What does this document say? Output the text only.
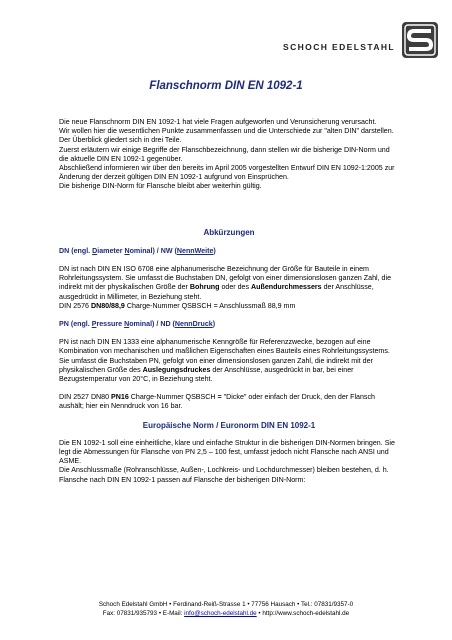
SCHOCH EDELSTAHL
Flanschnorm DIN EN 1092-1

Die neue Flanschnorm DIN EN 1092-1 hat viele Fragen aufgeworfen und Verunsicherung verursacht.

Wir wollen hier die wesentlichen Punkte zusammenfassen und die Unterschiede zur "alten DIN" darstellen.

Der Überblick gliedert sich in drei Teile.

Zuerst erläutern wir einige Begriffe der Flanschbezeichnung, dann stellen wir die bisherige DIN-Norm und die aktuelle DIN EN 1092-1 gegenüber.

Abschließend informieren wir über den bereits im April 2005 vorgestellten Entwurf DIN EN 1092-1:2005 zur Änderung der derzeit gültigen DIN EN 1092-1 aufgrund von Einsprüchen.

Die bisherige DIN-Norm für Flansche bleibt aber weiterhin gültig.

Abkürzungen

DN (engl. Diameter Nominal) / NW (NennWeite)

DN ist nach DIN EN ISO 6708 eine alphanumerische Bezeichnung der Größe für Bauteile in einem Rohrleitungssystem. Sie umfasst die Buchstaben DN, gefolgt von einer dimensionslosen ganzen Zahl, die indirekt mit der physikalischen Größe der Bohrung oder des Außendurchmessers der Anschlüsse, ausgedrückt in Millimeter, in Beziehung steht.

DIN 2576 DN80/88,9 Charge-Nummer QSBSCH = Anschlussmaß 88,9 mm

PN (engl. Pressure Nominal) / ND (NennDruck)

PN ist nach DIN EN 1333 eine alphanumerische Kenngröße für Referenzzwecke, bezogen auf eine Kombination von mechanischen und maßlichen Eigenschaften eines Bauteils eines Rohrleitungssystems. Sie umfasst die Buchstaben PN, gefolgt von einer dimensionslosen ganzen Zahl, die indirekt mit der physikalischen Größe des Auslegungsdruckes der Anschlüsse, ausgedrückt in bar, bei einer Bezugstemperatur von 20°C, in Beziehung steht.

DIN 2527 DN80 PN16 Charge-Nummer QSBSCH = "Dicke" oder einfach der Druck, den der Flansch aushält; hier ein Nenndruck von 16 bar.

Europäische Norm / Euronorm DIN EN 1092-1

Die EN 1092-1 soll eine einheitliche, klare und einfache Struktur in die bisherigen DIN-Normen bringen. Sie legt die Abmessungen für Flansche von PN 2,5 – 100 fest, umfasst jedoch nicht Flansche nach ANSI und ASME.

Die Anschlussmaße (Rohranschlüsse, Außen-, Lochkreis- und Lochdurchmesser) bleiben bestehen, d. h. Flansche nach DIN EN 1092-1 passen auf Flansche der bisherigen DIN-Norm:

Schoch Edelstahl GmbH • Ferdinand-Reiß-Strasse 1 • 77756 Hausach • Tel.: 07831/9357-0
Fax: 07831/935793 • E-Mail: info@schoch-edelstahl.de • http://www.schoch-edelstahl.de
